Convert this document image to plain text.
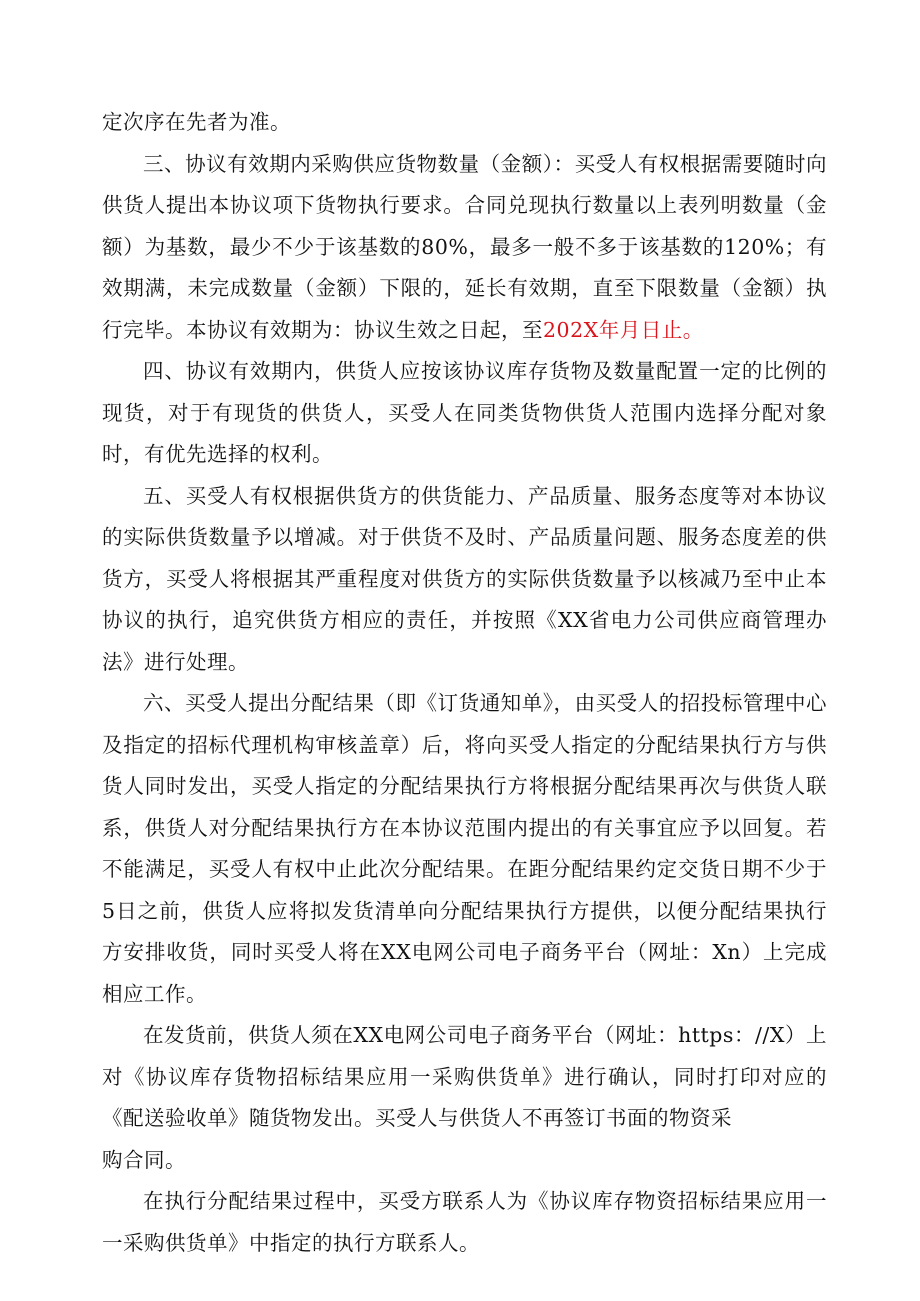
定次序在先者为准。

三、协议有效期内采购供应货物数量（金额）：买受人有权根据需要随时向供货人提出本协议项下货物执行要求。合同兑现执行数量以上表列明数量（金额）为基数，最少不少于该基数的80%，最多一般不多于该基数的120%；有效期满，未完成数量（金额）下限的，延长有效期，直至下限数量（金额）执行完毕。本协议有效期为：协议生效之日起，至202X年月日止。

四、协议有效期内，供货人应按该协议库存货物及数量配置一定的比例的现货，对于有现货的供货人，买受人在同类货物供货人范围内选择分配对象时，有优先选择的权利。

五、买受人有权根据供货方的供货能力、产品质量、服务态度等对本协议的实际供货数量予以增减。对于供货不及时、产品质量问题、服务态度差的供货方，买受人将根据其严重程度对供货方的实际供货数量予以核减乃至中止本协议的执行，追究供货方相应的责任，并按照《XX省电力公司供应商管理办法》进行处理。

六、买受人提出分配结果（即《订货通知单》，由买受人的招投标管理中心及指定的招标代理机构审核盖章）后，将向买受人指定的分配结果执行方与供货人同时发出，买受人指定的分配结果执行方将根据分配结果再次与供货人联系，供货人对分配结果执行方在本协议范围内提出的有关事宜应予以回复。若不能满足，买受人有权中止此次分配结果。在距分配结果约定交货日期不少于5日之前，供货人应将拟发货清单向分配结果执行方提供，以便分配结果执行方安排收货，同时买受人将在XX电网公司电子商务平台（网址：Xn）上完成相应工作。

在发货前，供货人须在XX电网公司电子商务平台（网址：https：//X）上对《协议库存货物招标结果应用一采购供货单》进行确认，同时打印对应的《配送验收单》随货物发出。买受人与供货人不再签订书面的物资采

购合同。

在执行分配结果过程中，买受方联系人为《协议库存物资招标结果应用一一采购供货单》中指定的执行方联系人。
